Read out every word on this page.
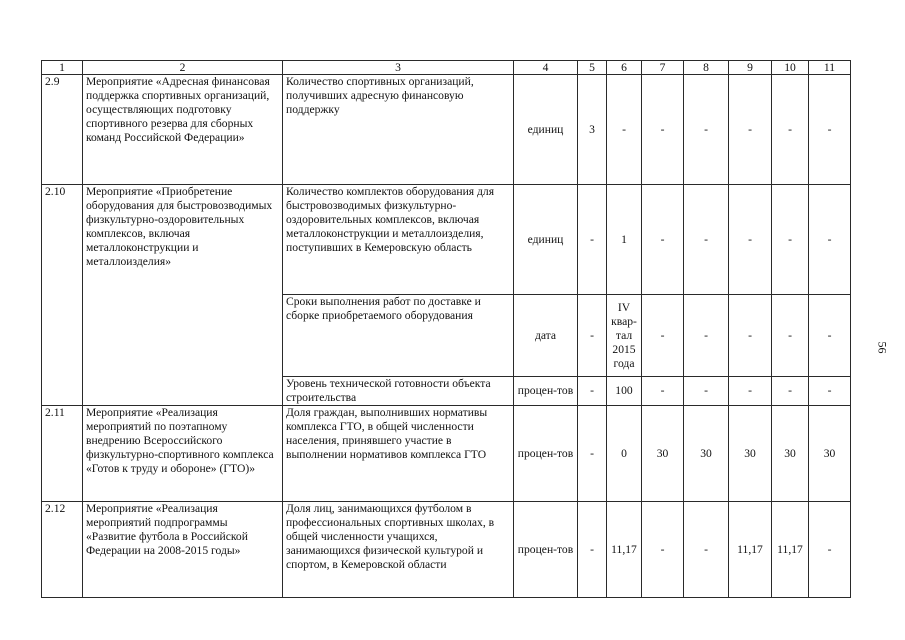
1	2	3	4	5	6	7	8	9	10	11
2.9	Мероприятие «Адресная финансовая поддержка спортивных организаций, осуществляющих подготовку спортивного резерва для сборных команд Российской Федерации»	Количество спортивных организаций, получивших адресную финансовую поддержку	единиц	3	-	-	-	-	-	-
2.10	Мероприятие «Приобретение оборудования для быстровозводимых физкультурно-оздоровительных комплексов, включая металлоконструкции и металлоизделия»	Количество комплектов оборудования для быстровозводимых физкультурно-оздоровительных комплексов, включая металлоконструкции и металлоизделия, поступивших в Кемеровскую область	единиц	-	1	-	-	-	-	-
		Сроки выполнения работ по доставке и сборке приобретаемого оборудования	дата	-	IV квар-тал 2015 года	-	-	-	-	-
		Уровень технической готовности объекта строительства	процен-тов	-	100	-	-	-	-	-
2.11	Мероприятие «Реализация мероприятий по поэтапному внедрению Всероссийского физкультурно-спортивного комплекса «Готов к труду и обороне» (ГТО)»	Доля граждан, выполнивших нормативы комплекса ГТО, в общей численности населения, принявшего участие в выполнении нормативов комплекса ГТО	процен-тов	-	0	30	30	30	30	30
2.12	Мероприятие «Реализация мероприятий подпрограммы «Развитие футбола в Российской Федерации на 2008-2015 годы»	Доля лиц, занимающихся футболом в профессиональных спортивных школах, в общей численности учащихся, занимающихся физической культурой и спортом, в Кемеровской области	процен-тов	-	11,17	-	-	11,17	11,17	-
56
